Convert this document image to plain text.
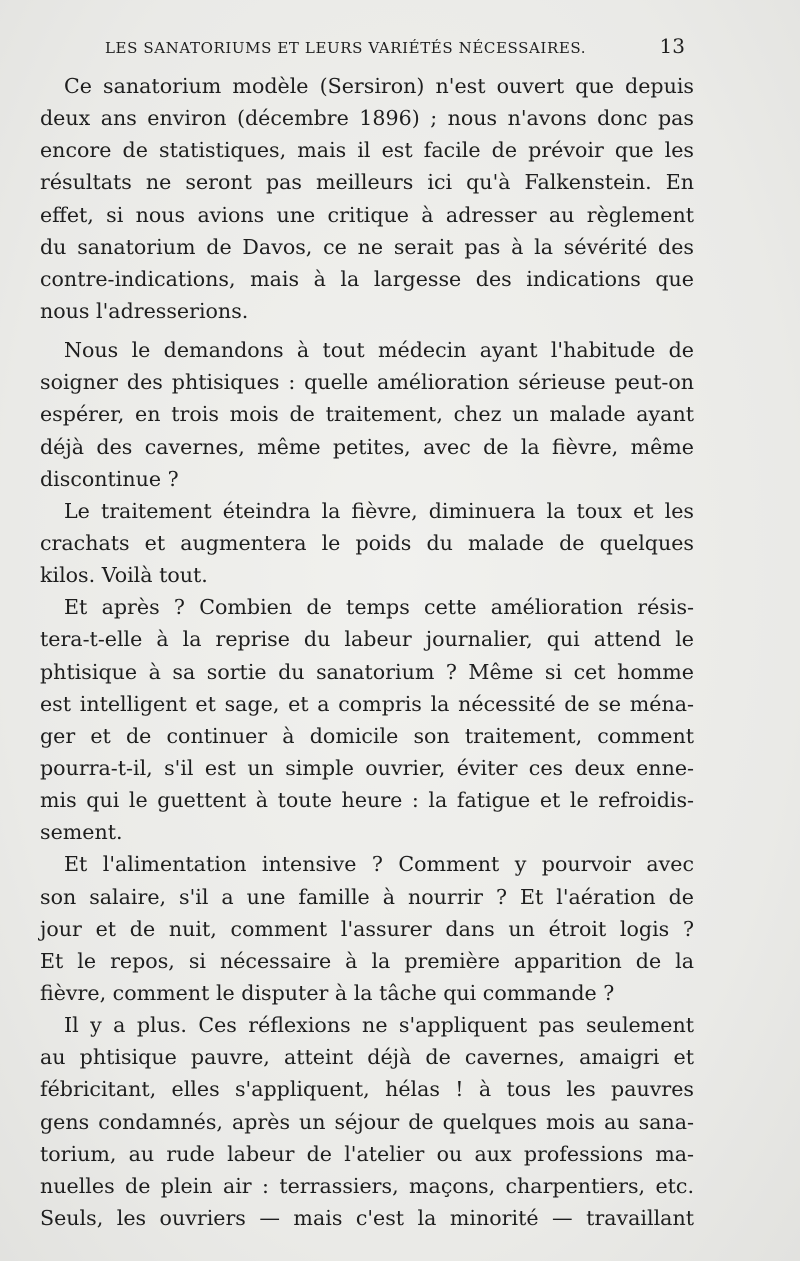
LES SANATORIUMS ET LEURS VARIÉTÉS NÉCESSAIRES.	13
Ce sanatorium modèle (Sersiron) n'est ouvert que depuis
deux ans environ (décembre 1896) ; nous n'avons donc pas
encore de statistiques, mais il est facile de prévoir que les
résultats ne seront pas meilleurs ici qu'à Falkenstein. En
effet, si nous avions une critique à adresser au règlement
du sanatorium de Davos, ce ne serait pas à la sévérité des
contre-indications, mais à la largesse des indications que
nous l'adresserions.
Nous le demandons à tout médecin ayant l'habitude de
soigner des phtisiques : quelle amélioration sérieuse peut-on
espérer, en trois mois de traitement, chez un malade ayant
déjà des cavernes, même petites, avec de la fièvre, même
discontinue ?
Le traitement éteindra la fièvre, diminuera la toux et les
crachats et augmentera le poids du malade de quelques
kilos. Voilà tout.
Et après ? Combien de temps cette amélioration résis-
tera-t-elle à la reprise du labeur journalier, qui attend le
phtisique à sa sortie du sanatorium ? Même si cet homme
est intelligent et sage, et a compris la nécessité de se ména-
ger et de continuer à domicile son traitement, comment
pourra-t-il, s'il est un simple ouvrier, éviter ces deux enne-
mis qui le guettent à toute heure : la fatigue et le refroidis-
sement.
Et l'alimentation intensive ? Comment y pourvoir avec
son salaire, s'il a une famille à nourrir ? Et l'aération de
jour et de nuit, comment l'assurer dans un étroit logis ?
Et le repos, si nécessaire à la première apparition de la
fièvre, comment le disputer à la tâche qui commande ?
Il y a plus. Ces réflexions ne s'appliquent pas seulement
au phtisique pauvre, atteint déjà de cavernes, amaigri et
fébricitant, elles s'appliquent, hélas ! à tous les pauvres
gens condamnés, après un séjour de quelques mois au sana-
torium, au rude labeur de l'atelier ou aux professions ma-
nuelles de plein air : terrassiers, maçons, charpentiers, etc.
Seuls, les ouvriers — mais c'est la minorité — travaillant
